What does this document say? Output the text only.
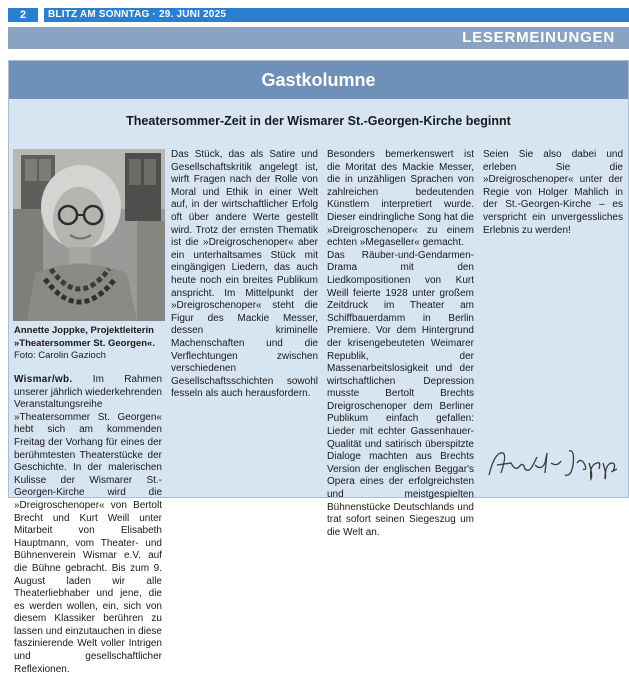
2	BLITZ AM SONNTAG · 29. JUNI 2025
LESERMEINUNGEN
Gastkolumne
Theatersommer-Zeit in der Wismarer St.-Georgen-Kirche beginnt
Annette Joppke, Projektleiterin »Theatersommer St. Georgen«.
Foto: Carolin Gazioch

Wismar/wb. Im Rahmen unserer jährlich wiederkehrenden Veranstaltungsreihe »Theatersommer St. Georgen« hebt sich am kommenden Freitag der Vorhang für eines der berühmtesten Theaterstücke der Geschichte. In der malerischen Kulisse der Wismarer St.-Georgen-Kirche wird die »Dreigroschenoper« von Bertolt Brecht und Kurt Weill unter Mitarbeit von Elisabeth Hauptmann, vom Theater- und Bühnenverein Wismar e.V. auf die Bühne gebracht. Bis zum 9. August laden wir alle Theaterliebhaber und jene, die es werden wollen, ein, sich von diesem Klassiker berühren zu lassen und einzutauchen in diese faszinierende Welt voller Intrigen und gesellschaftlicher Reflexionen.

Das Stück, das als Satire und Gesellschaftskritik angelegt ist, wirft Fragen nach der Rolle von Moral und Ethik in einer Welt auf, in der wirtschaftlicher Erfolg oft über andere Werte gestellt wird. Trotz der ernsten Thematik ist die »Dreigroschenoper« aber ein unterhaltsames Stück mit eingängigen Liedern, das auch heute noch ein breites Publikum anspricht. Im Mittelpunkt der »Dreigroschenoper« steht die Figur des Mackie Messer, dessen kriminelle Machenschaften und die Verflechtungen zwischen verschiedenen Gesellschaftsschichten sowohl fesseln als auch herausfordern.

Besonders bemerkenswert ist die Moritat des Mackie Messer, die in unzähligen Sprachen von zahlreichen bedeutenden Künstlern interpretiert wurde. Dieser eindringliche Song hat die »Dreigroschenoper« zu einem echten »Megaseller« gemacht.

Das Räuber-und-Gendarmen-Drama mit den Liedkompositionen von Kurt Weill feierte 1928 unter großem Zeitdruck im Theater am Schiffbauerdamm in Berlin Premiere. Vor dem Hintergrund der krisengebeuteten Weimarer Republik, der Massenarbeitslosigkeit und der wirtschaftlichen Depression musste Bertolt Brechts Dreigroschenoper dem Berliner Publikum einfach gefallen: Lieder mit echter Gassenhauer-Qualität und satirisch überspitzte Dialoge machten aus Brechts Version der englischen Beggar's Opera eines der erfolgreichsten und meistgespielten Bühnenstücke Deutschlands und trat sofort seinen Siegeszug um die Welt an.

Seien Sie also dabei und erleben Sie die »Dreigroschenoper« unter der Regie von Holger Mahlich in der St.-Georgen-Kirche – es verspricht ein unvergessliches Erlebnis zu werden!
